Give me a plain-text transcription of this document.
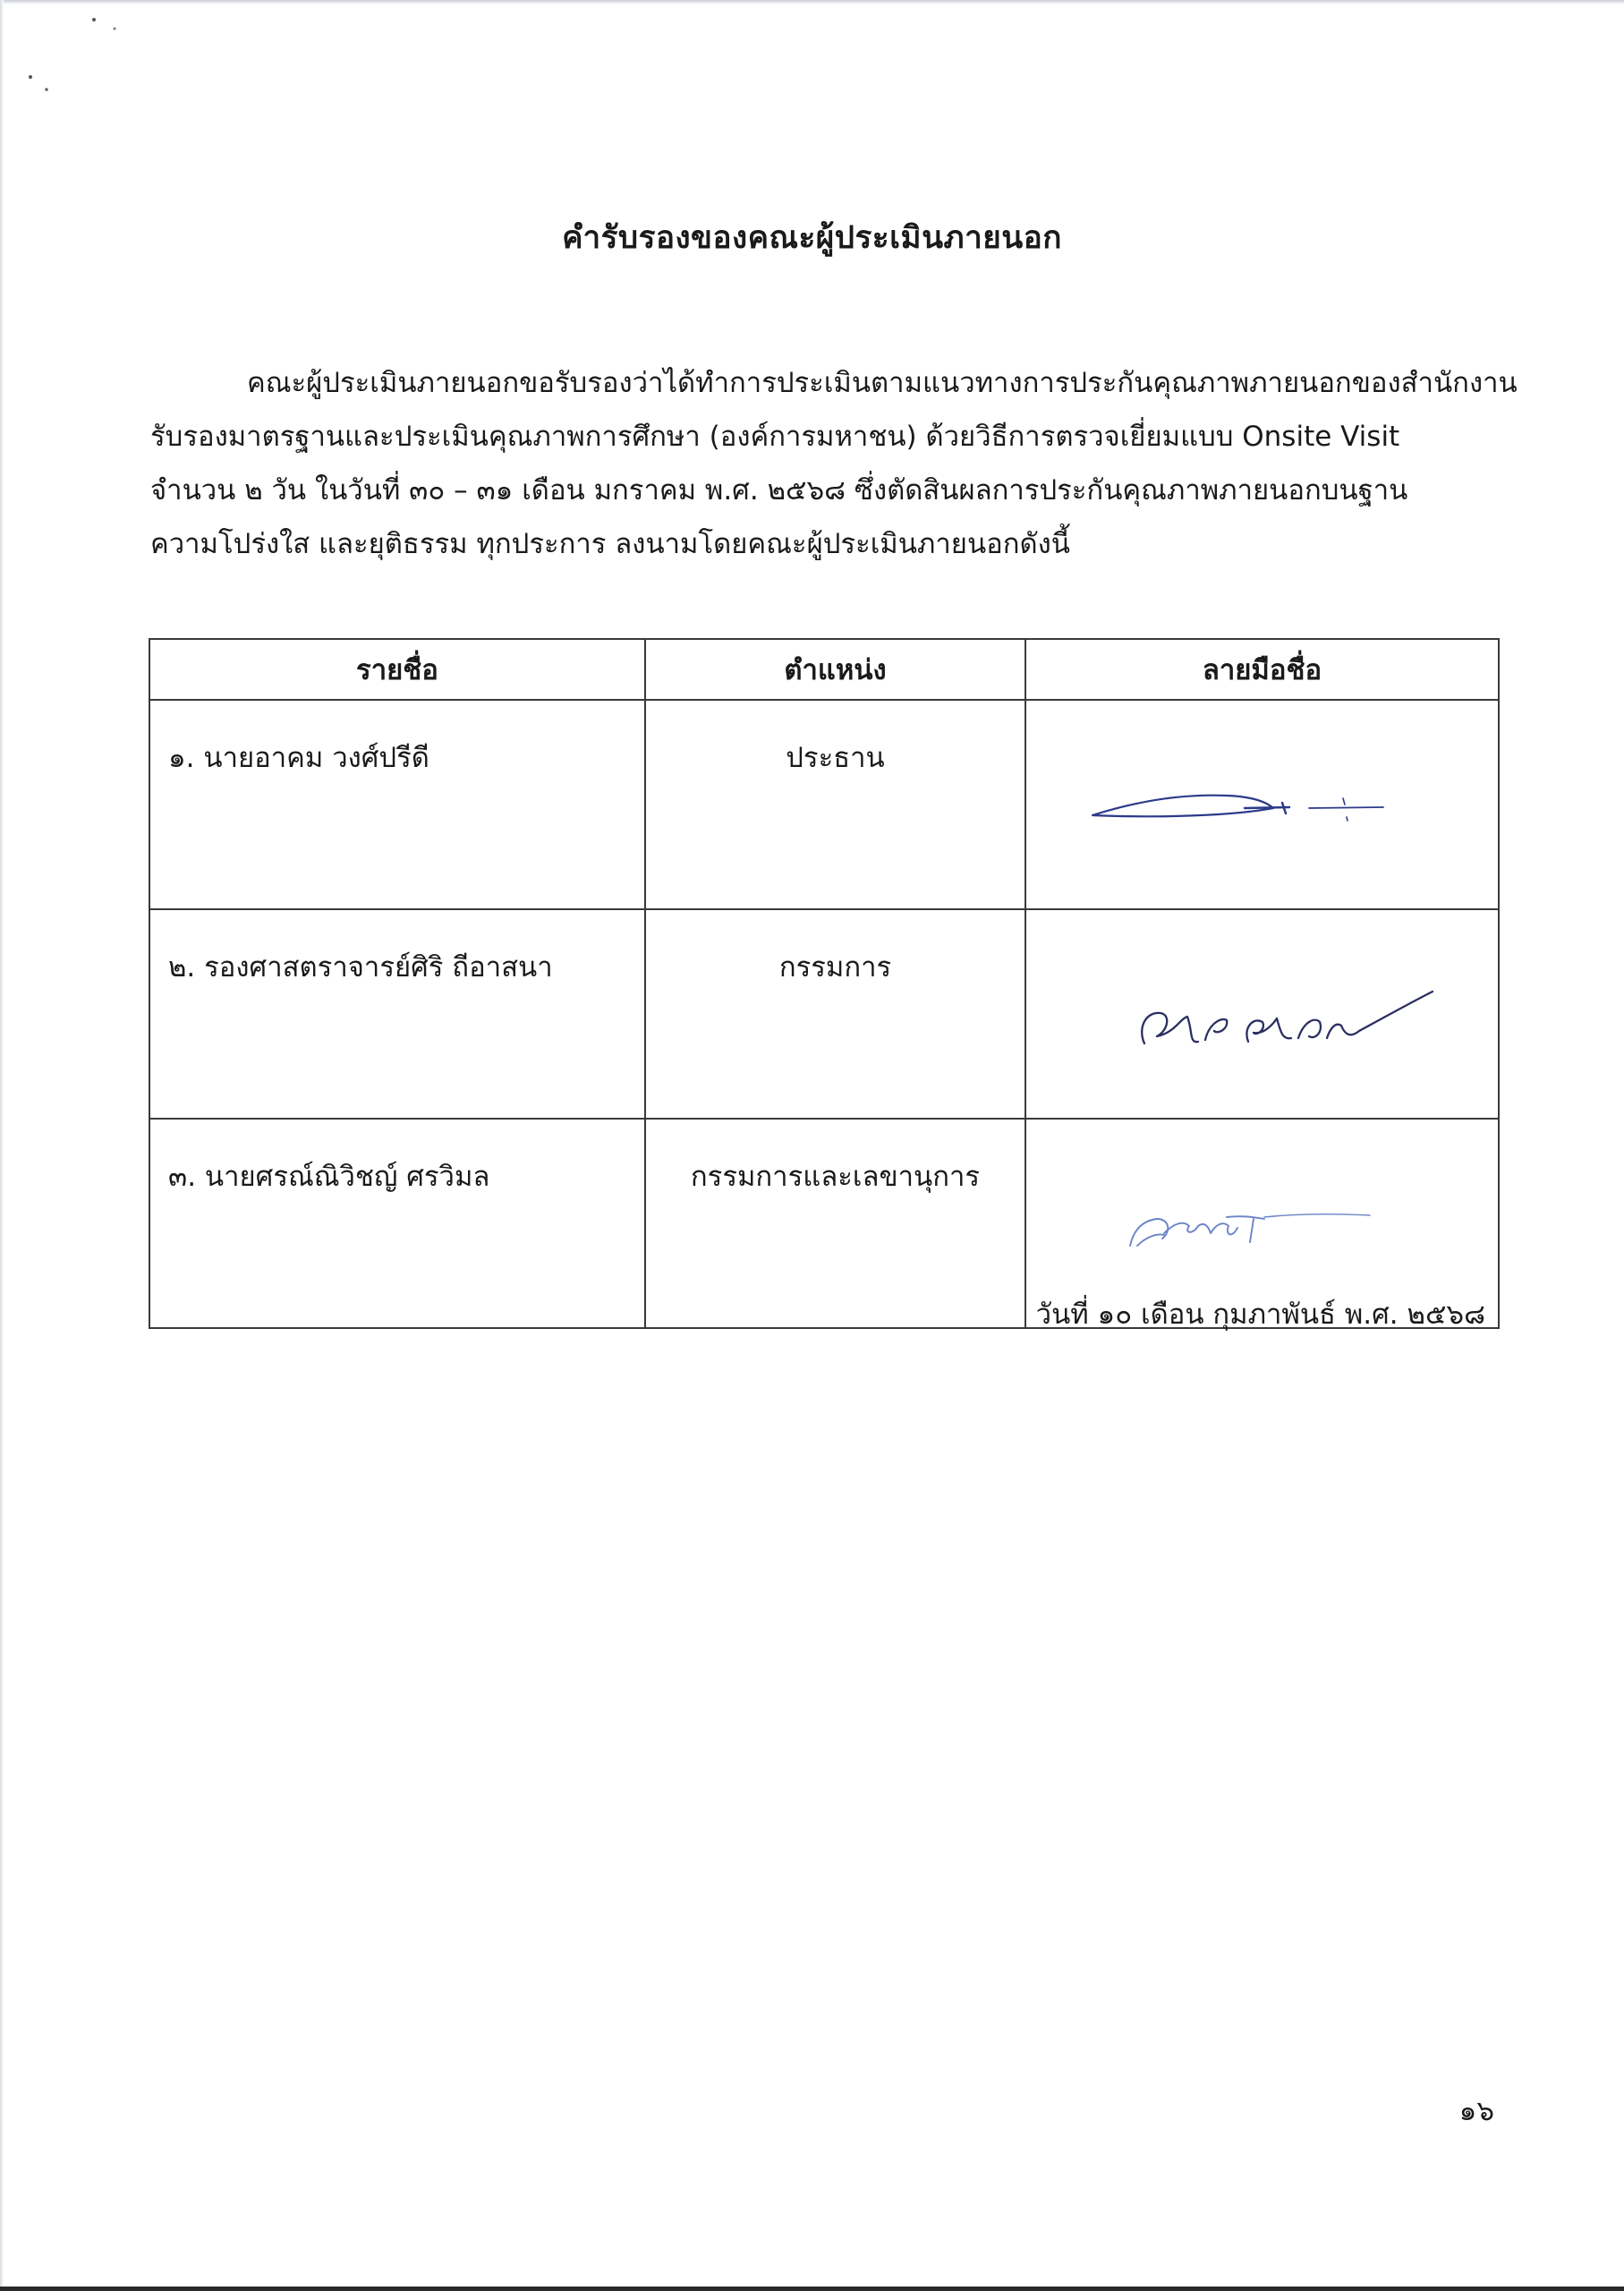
คำรับรองของคณะผู้ประเมินภายนอก
คณะผู้ประเมินภายนอกขอรับรองว่าได้ทำการประเมินตามแนวทางการประกันคุณภาพภายนอกของสำนักงาน
รับรองมาตรฐานและประเมินคุณภาพการศึกษา (องค์การมหาชน) ด้วยวิธีการตรวจเยี่ยมแบบ Onsite Visit
จำนวน ๒ วัน ในวันที่ ๓๐ – ๓๑ เดือน มกราคม พ.ศ. ๒๕๖๘ ซึ่งตัดสินผลการประกันคุณภาพภายนอกบนฐาน
ความโปร่งใส และยุติธรรม ทุกประการ ลงนามโดยคณะผู้ประเมินภายนอกดังนี้
รายชื่อ	ตำแหน่ง	ลายมือชื่อ
๑. นายอาคม วงศ์ปรีดี	ประธาน	

๒. รองศาสตราจารย์ศิริ ถีอาสนา	กรรมการ	

๓. นายศรณ์ณิวิชญ์ ศรวิมล	กรรมการและเลขานุการ	
วันที่ ๑๐ เดือน กุมภาพันธ์ พ.ศ. ๒๕๖๘
๑๖
